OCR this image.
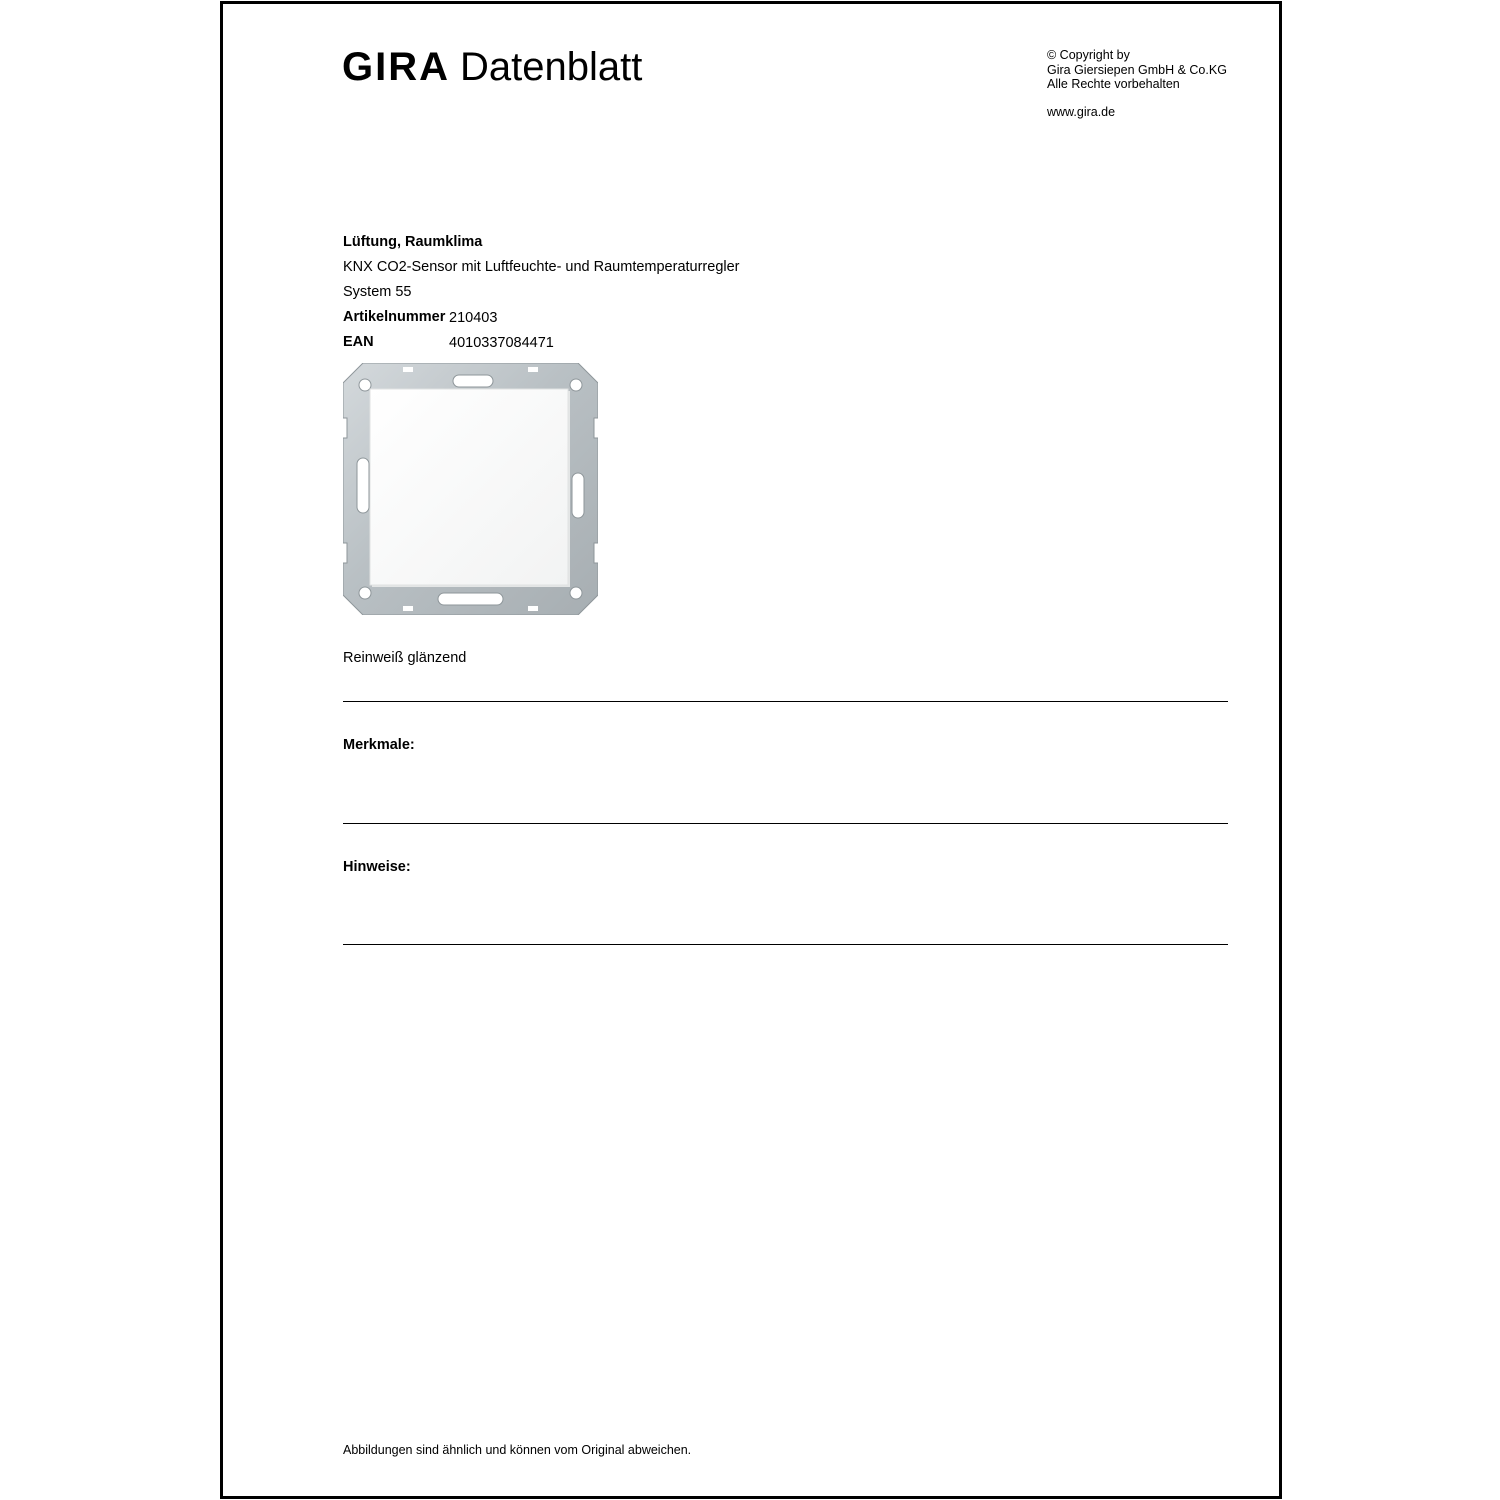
GIRA Datenblatt	© Copyright by
Gira Giersiepen GmbH & Co.KG
Alle Rechte vorbehalten
www.gira.de
Lüftung, Raumklima
KNX CO2-Sensor mit Luftfeuchte- und Raumtemperaturregler
System 55
Artikelnummer 210403
EAN	4010337084471
Reinweiß glänzend
Merkmale:
Hinweise:
Abbildungen sind ähnlich und können vom Original abweichen.
